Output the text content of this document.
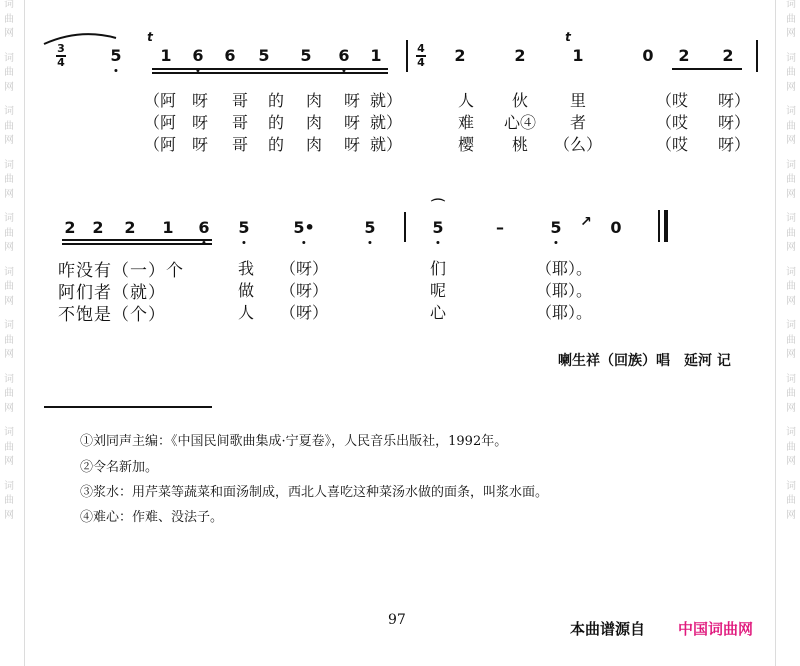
词
曲
网
词
曲
网
词
曲
网
词
曲
网
词
曲
网
词
曲
网
词
曲
网
词
曲
网
词
曲
网
词
曲
网
词
曲
网
词
曲
网
词
曲
网
词
曲
网
词
曲
网
词
曲
网
词
曲
网
词
曲
网
词
曲
网
词
曲
网
3
4	5
t
1 6 6 5 5 6 1	4
4 2	2
t
1	0 2 2
（阿 呀 哥 的 肉 呀 就）	人 伙	里	（哎 呀）
（阿 呀 哥 的 肉 呀 就）	难 心④ 者	（哎 呀）
（阿 呀 哥 的 肉 呀 就）	樱 桃 （么）	（哎 呀）
2 2 2 1 6 5	5•	5
⌒
5	–	5 ↗ 0
咋没有（一）个	我 （呀）	们	（耶）。
阿们者（就）	做 （呀）	呢	（耶）。
不饱是（个）	人 （呀）	心	（耶）。
喇生祥（回族）唱　延河 记
①刘同声主编：《中国民间歌曲集成·宁夏卷》，人民音乐出版社，1992年。
②令名新加。
③浆水：用芹菜等蔬菜和面汤制成，西北人喜吃这种菜汤水做的面条，叫浆水面。
④难心：作难、没法子。
97	本曲谱源自 中国词曲网
